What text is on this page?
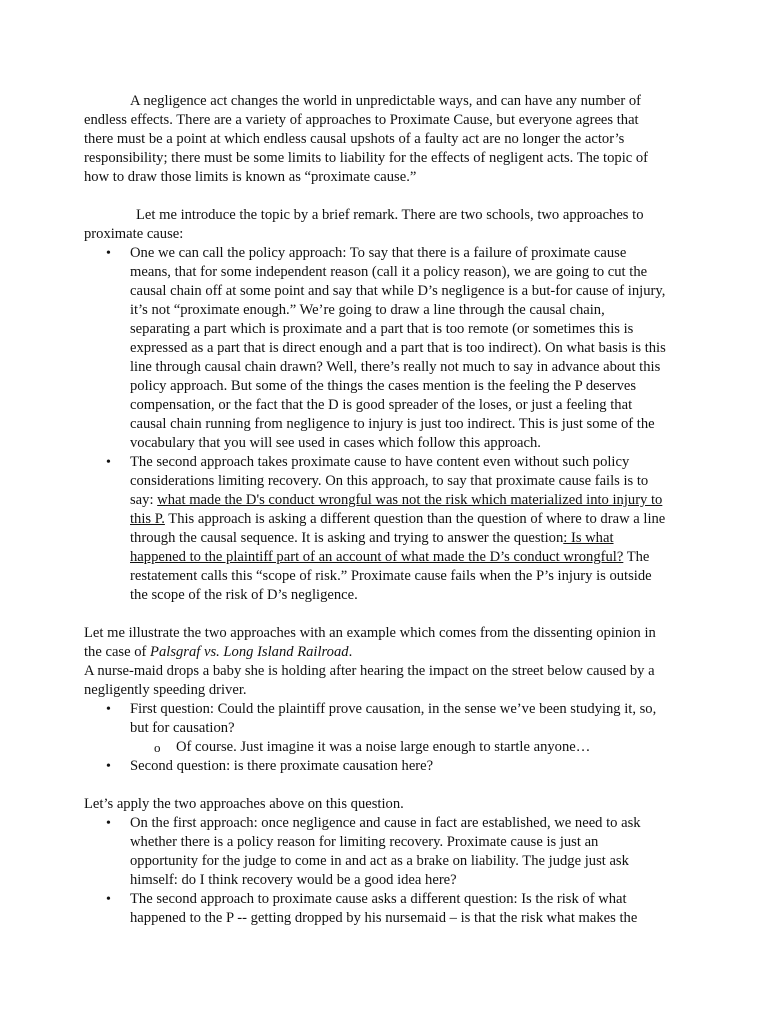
A negligence act changes the world in unpredictable ways, and can have any number of endless effects. There are a variety of approaches to Proximate Cause, but everyone agrees that there must be a point at which endless causal upshots of a faulty act are no longer the actor’s responsibility; there must be some limits to liability for the effects of negligent acts. The topic of how to draw those limits is known as “proximate cause.”

Let me introduce the topic by a brief remark. There are two schools, two approaches to proximate cause:

• One we can call the policy approach: To say that there is a failure of proximate cause means, that for some independent reason (call it a policy reason), we are going to cut the causal chain off at some point and say that while D’s negligence is a but-for cause of injury, it’s not “proximate enough.” We’re going to draw a line through the causal chain, separating a part which is proximate and a part that is too remote (or sometimes this is expressed as a part that is direct enough and a part that is too indirect). On what basis is this line through causal chain drawn? Well, there’s really not much to say in advance about this policy approach. But some of the things the cases mention is the feeling the P deserves compensation, or the fact that the D is good spreader of the loses, or just a feeling that causal chain running from negligence to injury is just too indirect. This is just some of the vocabulary that you will see used in cases which follow this approach.
• The second approach takes proximate cause to have content even without such policy considerations limiting recovery. On this approach, to say that proximate cause fails is to say: what made the D's conduct wrongful was not the risk which materialized into injury to this P. This approach is asking a different question than the question of where to draw a line through the causal sequence. It is asking and trying to answer the question: Is what happened to the plaintiff part of an account of what made the D’s conduct wrongful? The restatement calls this “scope of risk.” Proximate cause fails when the P’s injury is outside the scope of the risk of D’s negligence.

Let me illustrate the two approaches with an example which comes from the dissenting opinion in the case of Palsgraf vs. Long Island Railroad.

A nurse-maid drops a baby she is holding after hearing the impact on the street below caused by a negligently speeding driver.

• First question: Could the plaintiff prove causation, in the sense we’ve been studying it, so, but for causation?
o Of course. Just imagine it was a noise large enough to startle anyone…
• Second question: is there proximate causation here?

Let’s apply the two approaches above on this question.

• On the first approach: once negligence and cause in fact are established, we need to ask whether there is a policy reason for limiting recovery. Proximate cause is just an opportunity for the judge to come in and act as a brake on liability. The judge just ask himself: do I think recovery would be a good idea here?
• The second approach to proximate cause asks a different question: Is the risk of what happened to the P -- getting dropped by his nursemaid – is that the risk what makes the
